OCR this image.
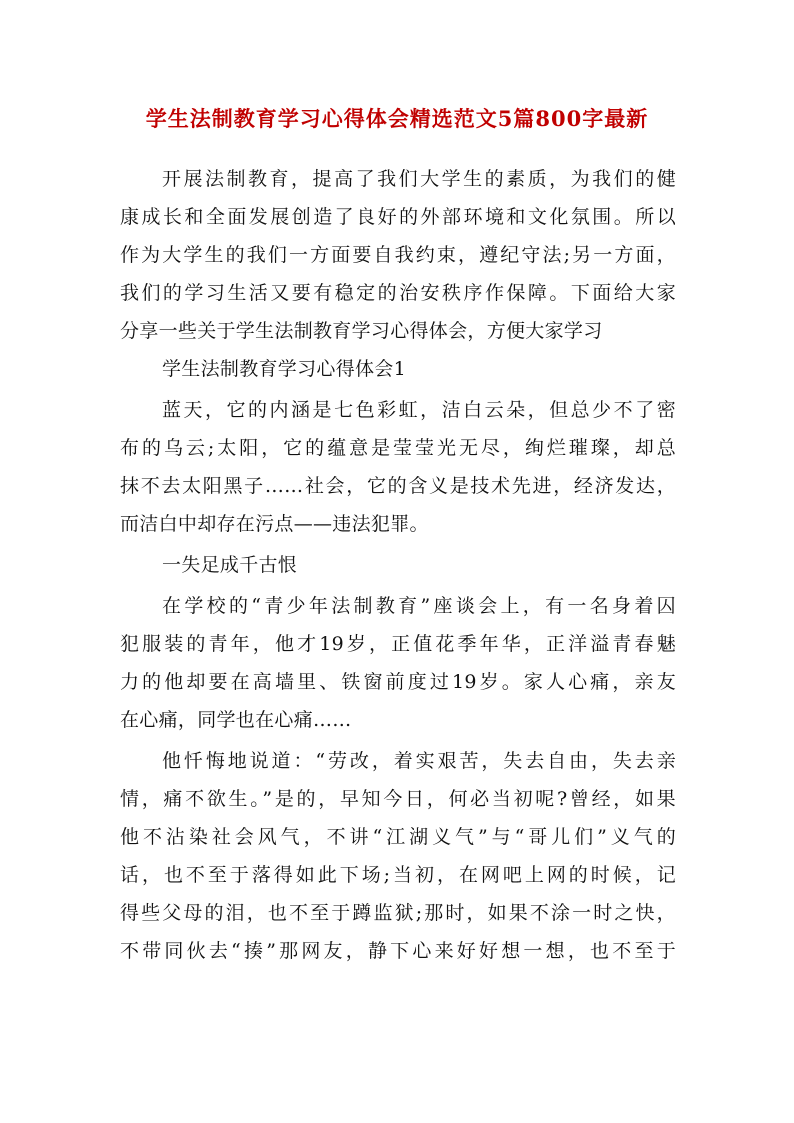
学生法制教育学习心得体会精选范文5篇800字最新
开展法制教育，提高了我们大学生的素质，为我们的健
康成长和全面发展创造了良好的外部环境和文化氛围。所以
作为大学生的我们一方面要自我约束，遵纪守法;另一方面，
我们的学习生活又要有稳定的治安秩序作保障。下面给大家
分享一些关于学生法制教育学习心得体会，方便大家学习
学生法制教育学习心得体会1
蓝天，它的内涵是七色彩虹，洁白云朵，但总少不了密
布的乌云;太阳，它的蕴意是莹莹光无尽，绚烂璀璨，却总
抹不去太阳黑子……社会，它的含义是技术先进，经济发达，
而洁白中却存在污点——违法犯罪。
一失足成千古恨
在学校的“青少年法制教育”座谈会上，有一名身着囚
犯服装的青年，他才19岁，正值花季年华，正洋溢青春魅
力的他却要在高墙里、铁窗前度过19岁。家人心痛，亲友
在心痛，同学也在心痛……
他忏悔地说道：“劳改，着实艰苦，失去自由，失去亲
情，痛不欲生。”是的，早知今日，何必当初呢?曾经，如果
他不沾染社会风气，不讲“江湖义气”与“哥儿们”义气的
话，也不至于落得如此下场;当初，在网吧上网的时候，记
得些父母的泪，也不至于蹲监狱;那时，如果不涂一时之快，
不带同伙去“揍”那网友，静下心来好好想一想，也不至于
